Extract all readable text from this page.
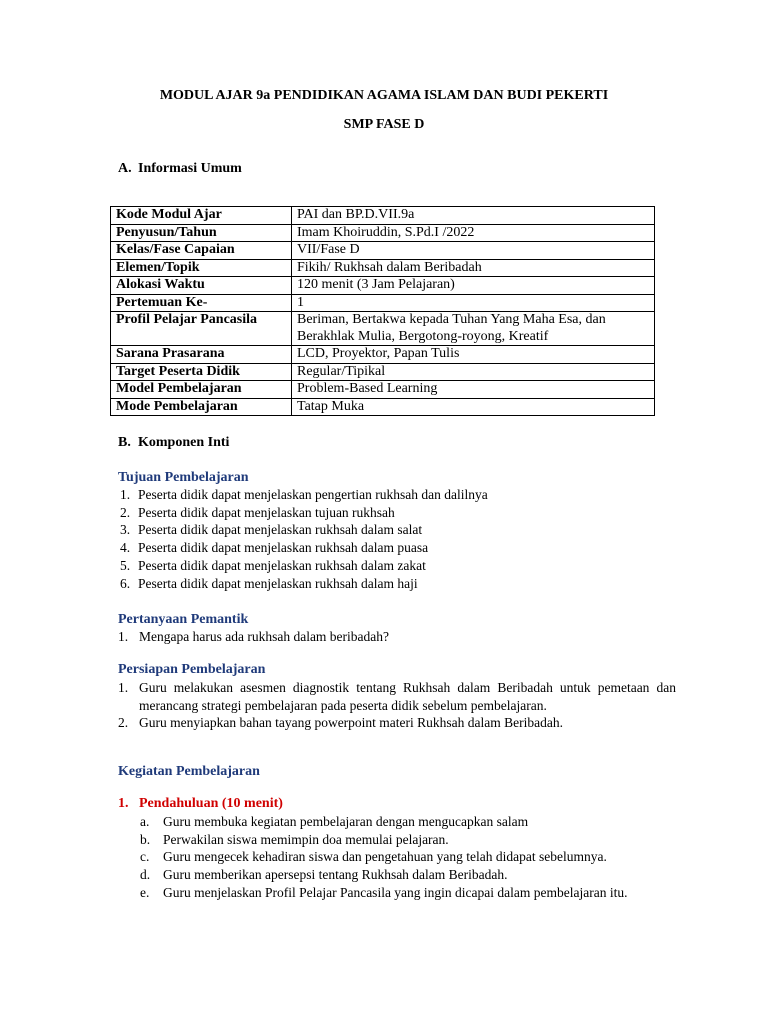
MODUL AJAR 9a PENDIDIKAN AGAMA ISLAM DAN BUDI PEKERTI
SMP FASE D
A. Informasi Umum
Kode Modul Ajar	PAI dan BP.D.VII.9a
Penyusun/Tahun	Imam Khoiruddin, S.Pd.I /2022
Kelas/Fase Capaian	VII/Fase D
Elemen/Topik	Fikih/ Rukhsah dalam Beribadah
Alokasi Waktu	120 menit (3 Jam Pelajaran)
Pertemuan Ke-	1
Profil Pelajar Pancasila	Beriman, Bertakwa kepada Tuhan Yang Maha Esa, dan Berakhlak Mulia, Bergotong-royong, Kreatif
Sarana Prasarana	LCD, Proyektor, Papan Tulis
Target Peserta Didik	Regular/Tipikal
Model Pembelajaran	Problem-Based Learning
Mode Pembelajaran	Tatap Muka
B. Komponen Inti
Tujuan Pembelajaran
1. Peserta didik dapat menjelaskan pengertian rukhsah dan dalilnya
2. Peserta didik dapat menjelaskan tujuan rukhsah
3. Peserta didik dapat menjelaskan rukhsah dalam salat
4. Peserta didik dapat menjelaskan rukhsah dalam puasa
5. Peserta didik dapat menjelaskan rukhsah dalam zakat
6. Peserta didik dapat menjelaskan rukhsah dalam haji
Pertanyaan Pemantik
1. Mengapa harus ada rukhsah dalam beribadah?
Persiapan Pembelajaran
1. Guru melakukan asesmen diagnostik tentang Rukhsah dalam Beribadah untuk pemetaan dan merancang strategi pembelajaran pada peserta didik sebelum pembelajaran.
2. Guru menyiapkan bahan tayang powerpoint materi Rukhsah dalam Beribadah.
Kegiatan Pembelajaran
1. Pendahuluan (10 menit)
a. Guru membuka kegiatan pembelajaran dengan mengucapkan salam
b. Perwakilan siswa memimpin doa memulai pelajaran.
c. Guru mengecek kehadiran siswa dan pengetahuan yang telah didapat sebelumnya.
d. Guru memberikan apersepsi tentang Rukhsah dalam Beribadah.
e. Guru menjelaskan Profil Pelajar Pancasila yang ingin dicapai dalam pembelajaran itu.
